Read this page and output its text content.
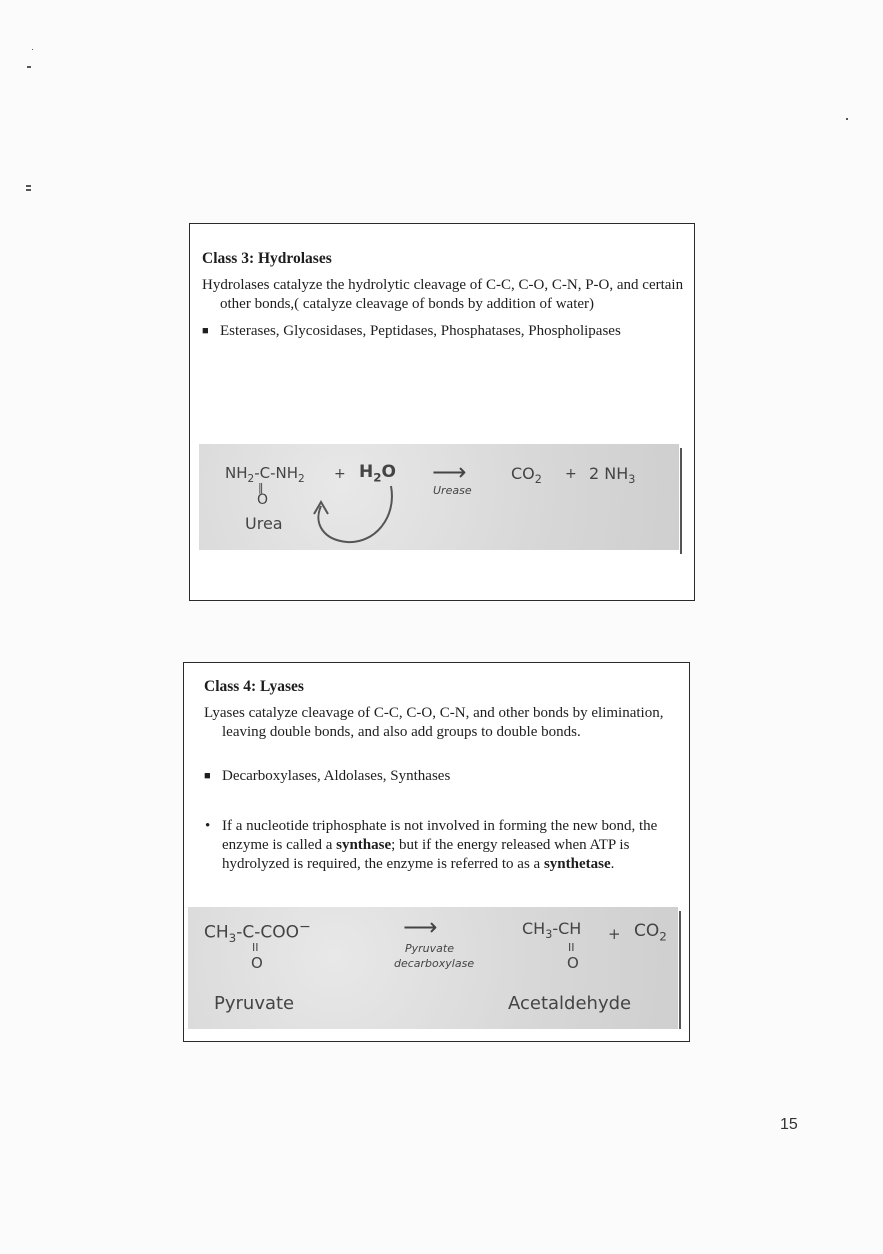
Class 3: Hydrolases
Hydrolases catalyze the hydrolytic cleavage of C-C, C-O, C-N, P-O, and certain other bonds,( catalyze cleavage of bonds by addition of water)
■ Esterases, Glycosidases, Peptidases, Phosphatases, Phospholipases
$NH_2-C-NH_2$
‖
O
+ $H_2O$ ⟶
Urease
$CO_2 + 2$ $NH_3$
Urea
Class 4: Lyases
Lyases catalyze cleavage of C-C, C-O, C-N, and other bonds by elimination, leaving double bonds, and also add groups to double bonds.
■ Decarboxylases, Aldolases, Synthases
• If a nucleotide triphosphate is not involved in forming the new bond, the enzyme is called a synthase; but if the energy released when ATP is hydrolyzed is required, the enzyme is referred to as a synthetase.
$CH_3-C-COO^-$
II
O
⟶
Pyruvate
decarboxylase
$CH_3-CH + CO_2$
II
O
Pyruvate	Acetaldehyde
15
